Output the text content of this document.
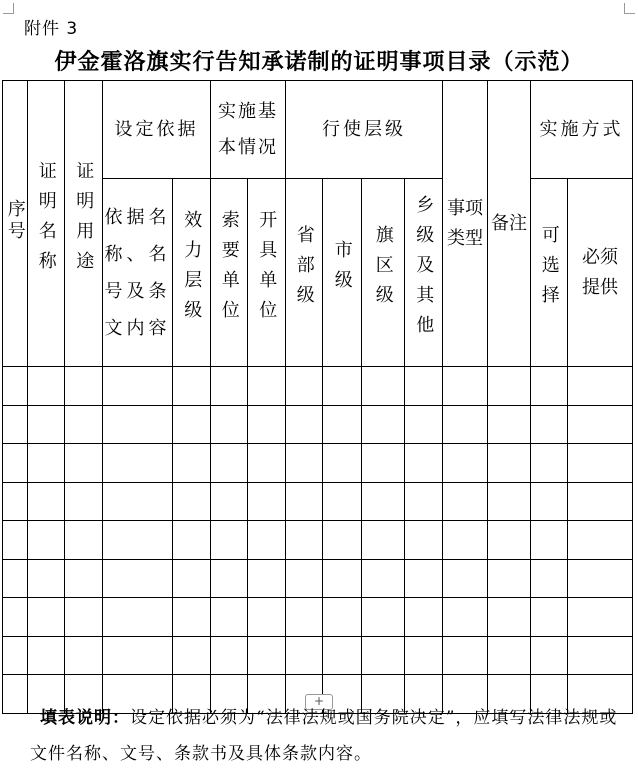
附件 3
伊金霍洛旗实行告知承诺制的证明事项目录（示范）
序号	证明名称	证明用途	设定依据		实施基本情况		行使层级				事项类型	备注	实施方式	
			依据名称、名号及条文内容	效力层级	索要单位	开具单位	省部级	市级	旗区级	乡级及其他			可选择	必须提供

+
填表说明：设定依据必须为“法律法规或国务院决定”，应填写法律法规或文件名称、文号、条款书及具体条款内容。
